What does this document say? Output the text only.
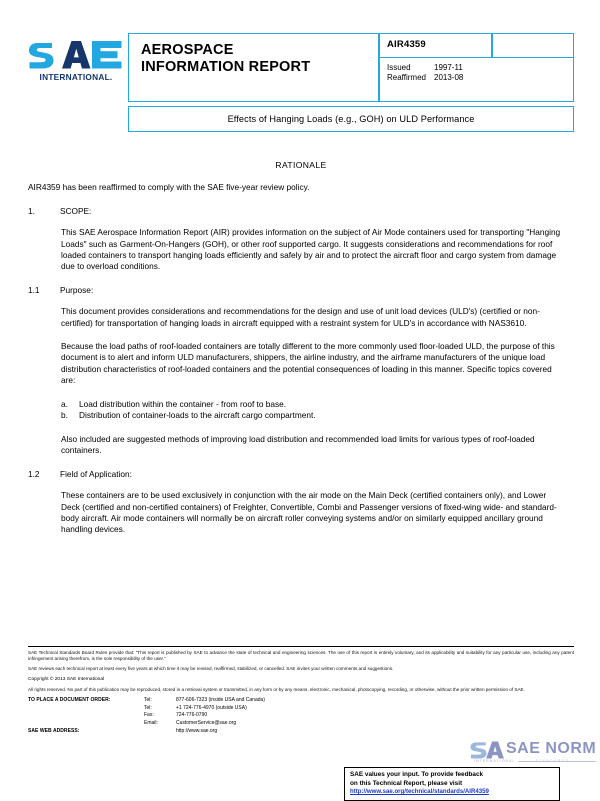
INTERNATIONAL.
AEROSPACE
INFORMATION REPORT
AIR4359
Issued	1997-11
Reaffirmed	2013-08
Effects of Hanging Loads (e.g., GOH) on ULD Performance
RATIONALE
AIR4359 has been reaffirmed to comply with the SAE five-year review policy.
1.	SCOPE:
This SAE Aerospace Information Report (AIR) provides information on the subject of Air Mode containers used for transporting "Hanging Loads" such as Garment-On-Hangers (GOH), or other roof supported cargo. It suggests considerations and recommendations for roof loaded containers to transport hanging loads efficiently and safely by air and to protect the aircraft floor and cargo system from damage due to overload conditions.
1.1	Purpose:
This document provides considerations and recommendations for the design and use of unit load devices (ULD's) (certified or non-certified) for transportation of hanging loads in aircraft equipped with a restraint system for ULD's in accordance with NAS3610.
Because the load paths of roof-loaded containers are totally different to the more commonly used floor-loaded ULD, the purpose of this document is to alert and inform ULD manufacturers, shippers, the airline industry, and the airframe manufacturers of the unique load distribution characteristics of roof-loaded containers and the potential consequences of loading in this manner. Specific topics covered are:
a.	Load distribution within the container - from roof to base.
b.	Distribution of container-loads to the aircraft cargo compartment.
Also included are suggested methods of improving load distribution and recommended load limits for various types of roof-loaded containers.
1.2	Field of Application:
These containers are to be used exclusively in conjunction with the air mode on the Main Deck (certified containers only), and Lower Deck (certified and non-certified containers) of Freighter, Convertible, Combi and Passenger versions of fixed-wing wide- and standard-body aircraft. Air mode containers will normally be on aircraft roller conveying systems and/or on similarly equipped ancillary ground handling devices.
SAE Technical Standards Board Rules provide that: "This report is published by SAE to advance the state of technical and engineering sciences. The use of this report is entirely voluntary, and its applicability and suitability for any particular use, including any patent infringement arising therefrom, is the sole responsibility of the user."
SAE reviews each technical report at least every five years at which time it may be revised, reaffirmed, stabilized, or cancelled. SAE invites your written comments and suggestions.
Copyright © 2013 SAE International
All rights reserved. No part of this publication may be reproduced, stored in a retrieval system or transmitted, in any form or by any means, electronic, mechanical, photocopying, recording, or otherwise, without the prior written permission of SAE.
TO PLACE A DOCUMENT ORDER:	Tel:	877-606-7323 (inside USA and Canada)
Tel:	+1 724-776-4970 (outside USA)
Fax:	724-776-0790
Email:	CustomerService@sae.org
SAE WEB ADDRESS:	http://www.sae.org
SAE values your input. To provide feedback
on this Technical Report, please visit
http://www.sae.org/technical/standards/AIR4359
SAE NORM
INTERNATIONAL.	STANDARDS
